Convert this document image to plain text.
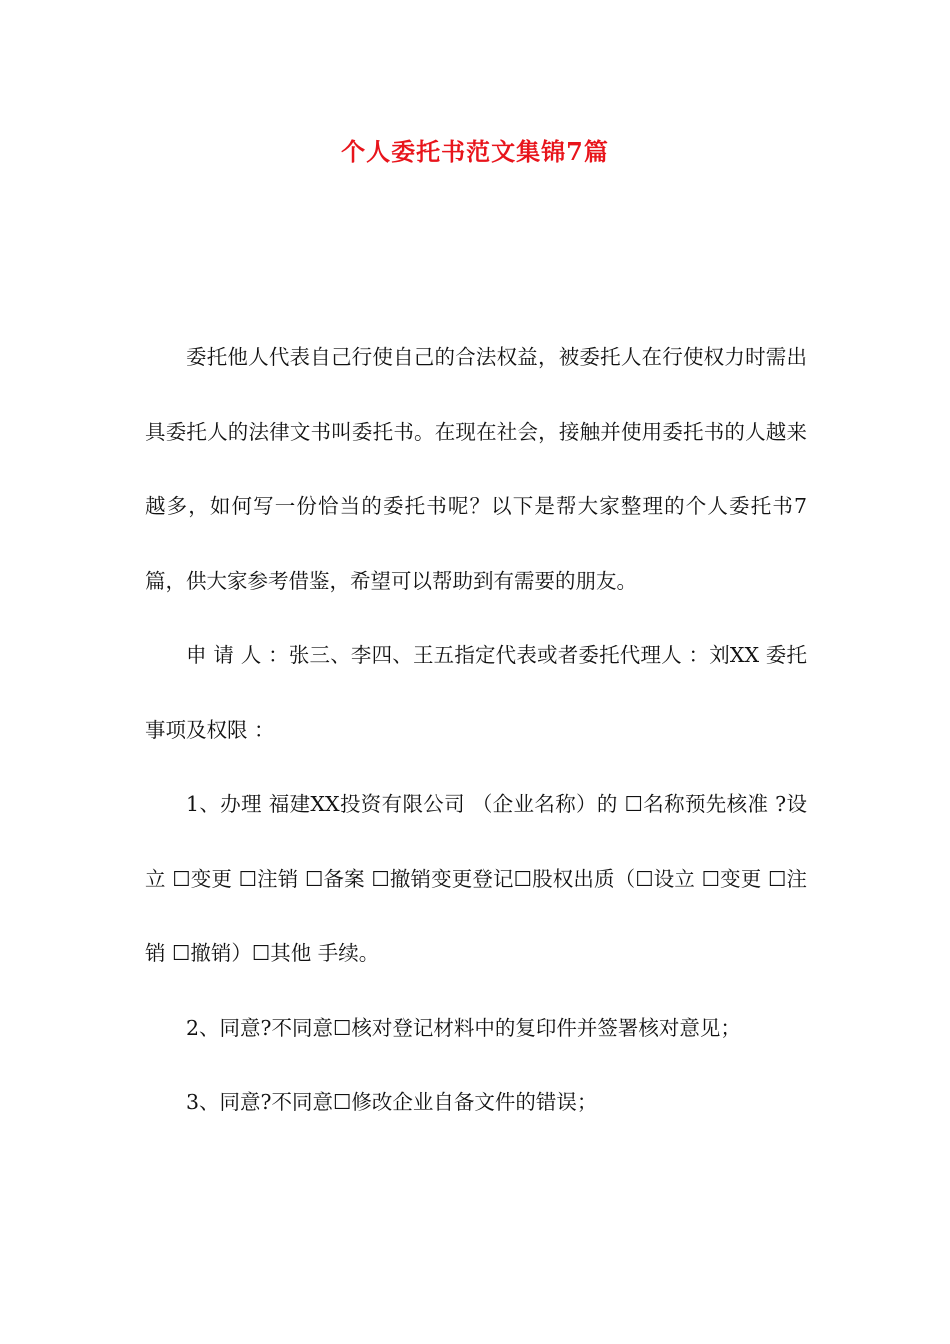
个人委托书范文集锦7篇

委托他人代表自己行使自己的合法权益，被委托人在行使权力时需出具委托人的法律文书叫委托书。在现在社会，接触并使用委托书的人越来越多，如何写一份恰当的委托书呢？以下是帮大家整理的个人委托书7篇，供大家参考借鉴，希望可以帮助到有需要的朋友。

申 请 人 ：张三、李四、王五指定代表或者委托代理人 ：刘XX 委托事项及权限 ：

1、办理 福建XX投资有限公司 （企业名称）的 ☐名称预先核准 ?设立 ☐变更 ☐注销 ☐备案 ☐撤销变更登记☐股权出质（☐设立 ☐变更 ☐注销 ☐撤销）☐其他 手续。

2、同意?不同意☐核对登记材料中的复印件并签署核对意见；

3、同意?不同意☐修改企业自备文件的错误；
